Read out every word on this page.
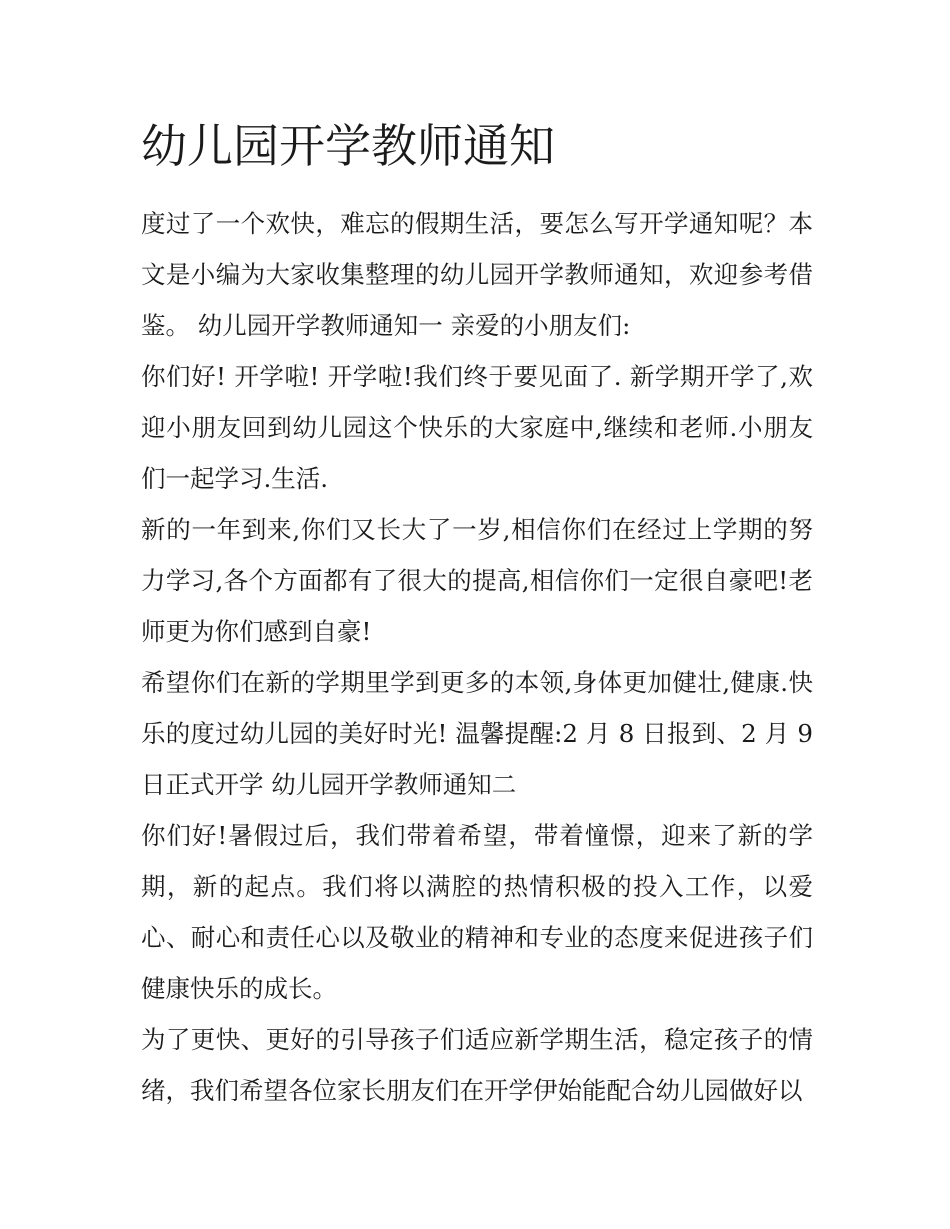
幼儿园开学教师通知

度过了一个欢快，难忘的假期生活，要怎么写开学通知呢？本文是小编为大家收集整理的幼儿园开学教师通知，欢迎参考借鉴。 幼儿园开学教师通知一 亲爱的小朋友们:

你们好! 开学啦! 开学啦!我们终于要见面了. 新学期开学了,欢迎小朋友回到幼儿园这个快乐的大家庭中,继续和老师.小朋友们一起学习.生活.

新的一年到来,你们又长大了一岁,相信你们在经过上学期的努力学习,各个方面都有了很大的提高,相信你们一定很自豪吧!老师更为你们感到自豪!

希望你们在新的学期里学到更多的本领,身体更加健壮,健康.快乐的度过幼儿园的美好时光! 温馨提醒:2 月 8 日报到、2 月 9 日正式开学 幼儿园开学教师通知二

你们好!暑假过后，我们带着希望，带着憧憬，迎来了新的学期，新的起点。我们将以满腔的热情积极的投入工作，以爱心、耐心和责任心以及敬业的精神和专业的态度来促进孩子们健康快乐的成长。

为了更快、更好的引导孩子们适应新学期生活，稳定孩子的情绪，我们希望各位家长朋友们在开学伊始能配合幼儿园做好以
